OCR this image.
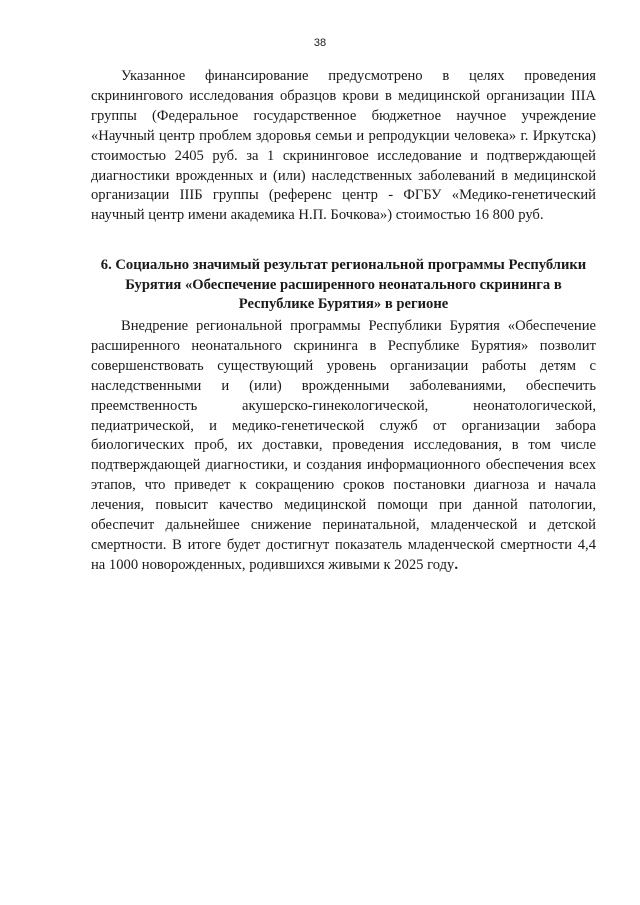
38

Указанное финансирование предусмотрено в целях проведения скринингового исследования образцов крови в медицинской организации IIIA группы (Федеральное государственное бюджетное научное учреждение «Научный центр проблем здоровья семьи и репродукции человека» г. Иркутска) стоимостью 2405 руб. за 1 скрининговое исследование и подтверждающей диагностики врожденных и (или) наследственных заболеваний в медицинской организации IIIБ группы (референс центр - ФГБУ «Медико-генетический научный центр имени академика Н.П. Бочкова») стоимостью 16 800 руб.

6. Социально значимый результат региональной программы Республики Бурятия «Обеспечение расширенного неонатального скрининга в Республике Бурятия» в регионе

Внедрение региональной программы Республики Бурятия «Обеспечение расширенного неонатального скрининга в Республике Бурятия» позволит совершенствовать существующий уровень организации работы детям с наследственными и (или) врожденными заболеваниями, обеспечить преемственность акушерско-гинекологической, неонатологической, педиатрической, и медико-генетической служб от организации забора биологических проб, их доставки, проведения исследования, в том числе подтверждающей диагностики, и создания информационного обеспечения всех этапов, что приведет к сокращению сроков постановки диагноза и начала лечения, повысит качество медицинской помощи при данной патологии, обеспечит дальнейшее снижение перинатальной, младенческой и детской смертности. В итоге будет достигнут показатель младенческой смертности 4,4 на 1000 новорожденных, родившихся живыми к 2025 году.
